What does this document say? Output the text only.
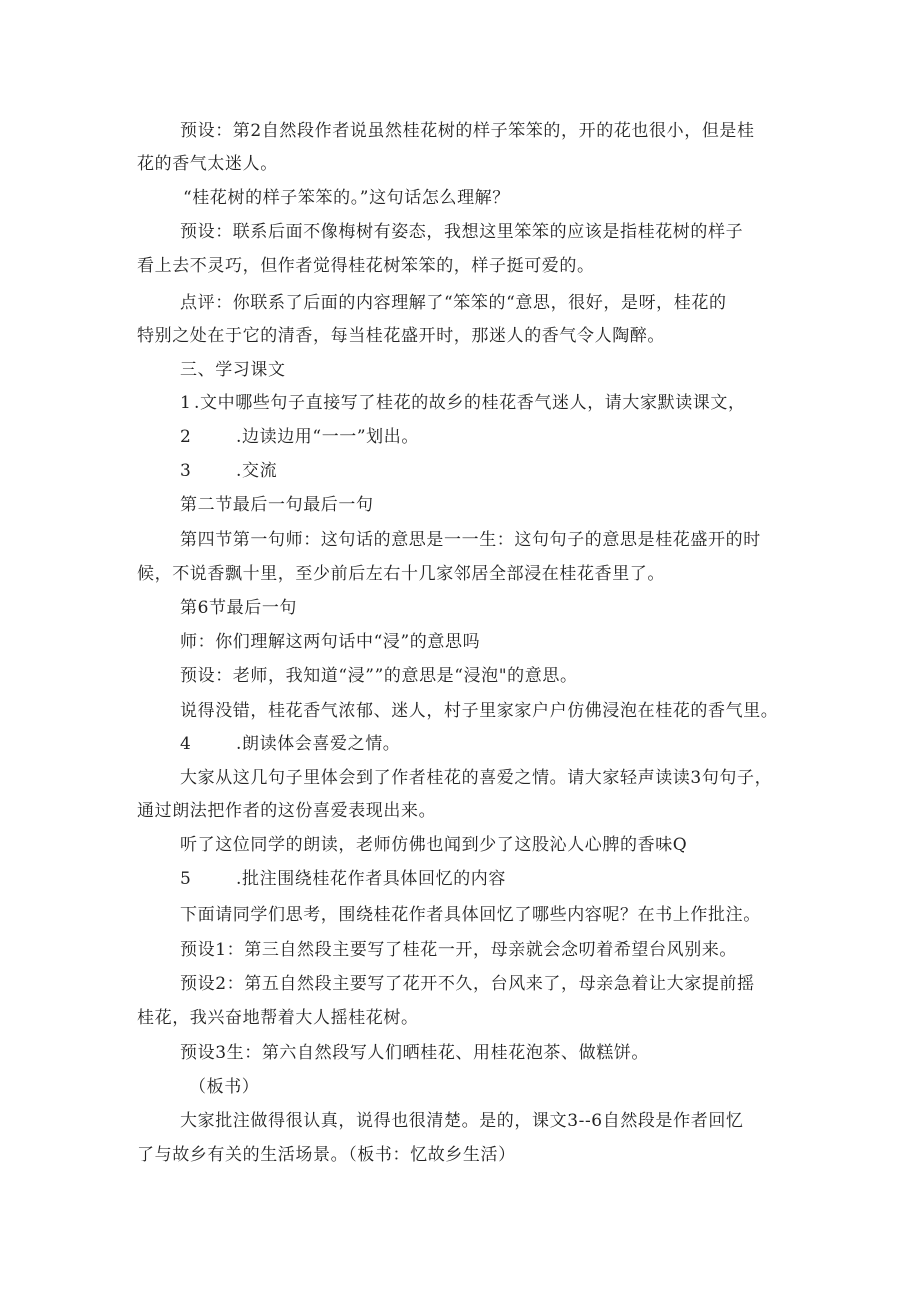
预设：第2自然段作者说虽然桂花树的样子笨笨的，开的花也很小，但是桂
花的香气太迷人。
“桂花树的样子笨笨的。”这句话怎么理解？
预设：联系后面不像梅树有姿态，我想这里笨笨的应该是指桂花树的样子
看上去不灵巧，但作者觉得桂花树笨笨的，样子挺可爱的。
点评：你联系了后面的内容理解了“笨笨的“意思，很好，是呀，桂花的
特别之处在于它的清香，每当桂花盛开时，那迷人的香气令人陶醉。
三、学习课文
1 .文中哪些句子直接写了桂花的故乡的桂花香气迷人，请大家默读课文，
2	.边读边用“一一”划出。
3	.交流
第二节最后一句最后一句
第四节第一句师：这句话的意思是一一生：这句句子的意思是桂花盛开的时
候，不说香飘十里，至少前后左右十几家邻居全部浸在桂花香里了。
第6节最后一句
师：你们理解这两句话中“浸”的意思吗
预设：老师，我知道“浸””的意思是“浸泡"的意思。
说得没错，桂花香气浓郁、迷人，村子里家家户户仿佛浸泡在桂花的香气里。
4	.朗读体会喜爱之情。
大家从这几句子里体会到了作者桂花的喜爱之情。请大家轻声读读3句句子，
通过朗法把作者的这份喜爱表现出来。
听了这位同学的朗读，老师仿佛也闻到少了这股沁人心脾的香味Q
5	.批注围绕桂花作者具体回忆的内容
下面请同学们思考，围绕桂花作者具体回忆了哪些内容呢？在书上作批注。
预设1：第三自然段主要写了桂花一开，母亲就会念叨着希望台风别来。
预设2：第五自然段主要写了花开不久，台风来了，母亲急着让大家提前摇
桂花，我兴奋地帮着大人摇桂花树。
预设3生：第六自然段写人们晒桂花、用桂花泡茶、做糕饼。
（板书）
大家批注做得很认真，说得也很清楚。是的，课文3--6自然段是作者回忆
了与故乡有关的生活场景。（板书：忆故乡生活）
